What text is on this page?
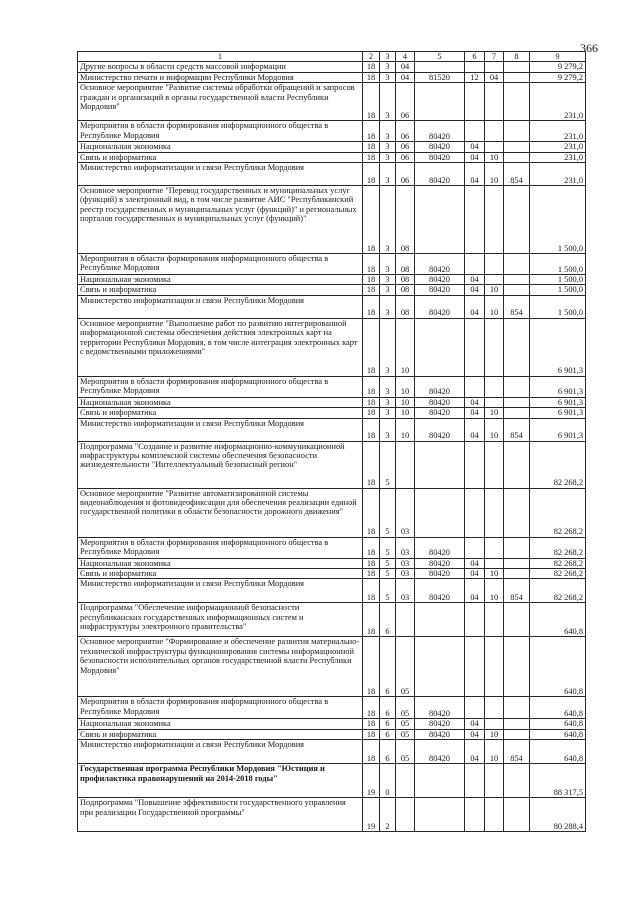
366
1	2	3	4	5	6	7	8	9
Другие вопросы в области средств массовой информации	18	3	04					9 279,2
Министерство печати и информации Республики Мордовия	18	3	04	81520	12	04		9 279,2
Основное мероприятие "Развитие системы обработки обращений и запросов граждан и организаций в органы государственной власти Республики Мордовия"	18	3	06					231,0
Мероприятия в области формирования информационного общества в Республике Мордовия	18	3	06	80420				231,0
Национальная экономика	18	3	06	80420	04			231,0
Связь и информатика	18	3	06	80420	04	10		231,0
Министерство информатизации и связи Республики Мордовия	18	3	06	80420	04	10	854	231,0
Основное мероприятие "Перевод государственных и муниципальных услуг (функций) в электронный вид, в том числе развитие АИС "Республиканский реестр государственных и муниципальных услуг (функций)" и региональных порталов государственных и муниципальных услуг (функций)"	18	3	08					1 500,0
Мероприятия в области формирования информационного общества в Республике Мордовия	18	3	08	80420				1 500,0
Национальная экономика	18	3	08	80420	04			1 500,0
Связь и информатика	18	3	08	80420	04	10		1 500,0
Министерство информатизации и связи Республики Мордовия	18	3	08	80420	04	10	854	1 500,0
Основное мероприятие "Выполнение работ по развитию интегрированной информационной системы обеспечения действия электронных карт на территории Республики Мордовия, в том числе интеграция электронных карт с ведомственными приложениями"	18	3	10					6 901,3
Мероприятия в области формирования информационного общества в Республике Мордовия	18	3	10	80420				6 901,3
Национальная экономика	18	3	10	80420	04			6 901,3
Связь и информатика	18	3	10	80420	04	10		6 901,3
Министерство информатизации и связи Республики Мордовия	18	3	10	80420	04	10	854	6 901,3
Подпрограмма "Создание и развитие информационно-коммуникационной инфраструктуры комплексной системы обеспечения безопасности жизнедеятельности "Интеллектуальный безопасный регион"	18	5						82 268,2
Основное мероприятие "Развитие автоматизированной системы видеонаблюдения и фотовидеофиксации для обеспечения реализации единой государственной политики в области безопасности дорожного движения"	18	5	03					82 268,2
Мероприятия в области формирования информационного общества в Республике Мордовия	18	5	03	80420				82 268,2
Национальная экономика	18	5	03	80420	04			82 268,2
Связь и информатика	18	5	03	80420	04	10		82 268,2
Министерство информатизации и связи Республики Мордовия	18	5	03	80420	04	10	854	82 268,2
Подпрограмма "Обеспечение информационной безопасности республиканских государственных информационных систем и инфраструктуры электронного правительства"	18	6						640,8
Основное мероприятие "Формирование и обеспечение развития материально-технической инфраструктуры функционирования системы информационной безопасности исполнительных органов государственной власти Республики Мордовия"	18	6	05					640,8
Мероприятия в области формирования информационного общества в Республике Мордовия	18	6	05	80420				640,8
Национальная экономика	18	6	05	80420	04			640,8
Связь и информатика	18	6	05	80420	04	10		640,8
Министерство информатизации и связи Республики Мордовия	18	6	05	80420	04	10	854	640,8
Государственная программа Республики Мордовия "Юстиция и профилактика правонарушений на 2014-2018 годы"	19	0						88 317,5
Подпрограмма "Повышение эффективности государственного управления при реализации Государственной программы"	19	2						80 288,4
